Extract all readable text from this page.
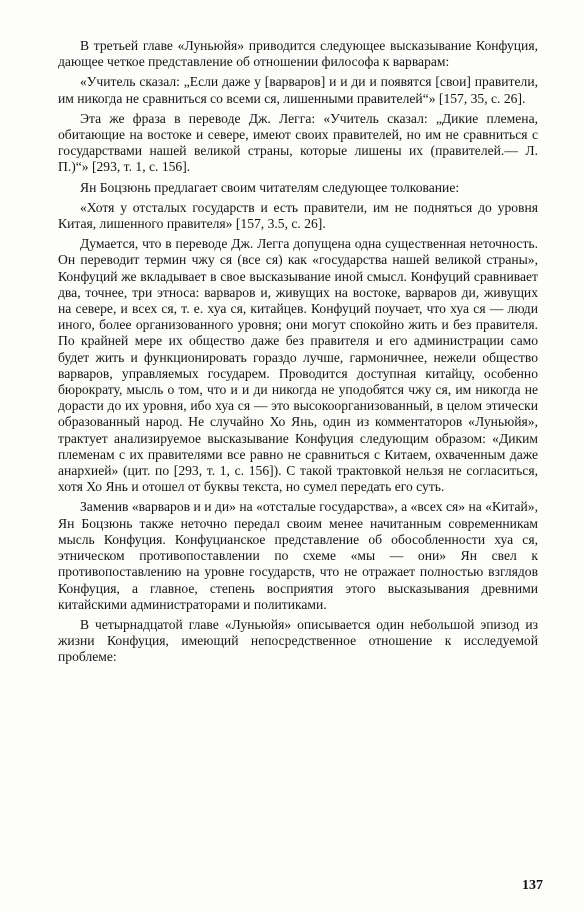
В третьей главе «Луньюйя» приводится следующее высказывание Конфуция, дающее четкое представление об отношении философа к варварам:

«Учитель сказал: „Если даже у [варваров] и и ди и появятся [свои] правители, им никогда не сравниться со всеми ся, лишенными правителей“» [157, 35, с. 26].

Эта же фраза в переводе Дж. Легга: «Учитель сказал: „Дикие племена, обитающие на востоке и севере, имеют своих правителей, но им не сравниться с государствами нашей великой страны, которые лишены их (правителей.— Л. П.)“» [293, т. 1, с. 156].

Ян Боцзюнь предлагает своим читателям следующее толкование:

«Хотя у отсталых государств и есть правители, им не подняться до уровня Китая, лишенного правителя» [157, 3.5, с. 26].

Думается, что в переводе Дж. Легга допущена одна существенная неточность. Он переводит термин чжу ся (все ся) как «государства нашей великой страны», Конфуций же вкладывает в свое высказывание иной смысл. Конфуций сравнивает два, точнее, три этноса: варваров и, живущих на востоке, варваров ди, живущих на севере, и всех ся, т. е. хуа ся, китайцев. Конфуций поучает, что хуа ся — люди иного, более организованного уровня; они могут спокойно жить и без правителя. По крайней мере их общество даже без правителя и его администрации само будет жить и функционировать гораздо лучше, гармоничнее, нежели общество варваров, управляемых государем. Проводится доступная китайцу, особенно бюрократу, мысль о том, что и и ди никогда не уподобятся чжу ся, им никогда не дорасти до их уровня, ибо хуа ся — это высокоорганизованный, в целом этически образованный народ. Не случайно Хо Янь, один из комментаторов «Луньюйя», трактует анализируемое высказывание Конфуция следующим образом: «Диким племенам с их правителями все равно не сравниться с Китаем, охваченным даже анархией» (цит. по [293, т. 1, с. 156]). С такой трактовкой нельзя не согласиться, хотя Хо Янь и отошел от буквы текста, но сумел передать его суть.

Заменив «варваров и и ди» на «отсталые государства», а «всех ся» на «Китай», Ян Боцзюнь также неточно передал своим менее начитанным современникам мысль Конфуция. Конфуцианское представление об обособленности хуа ся, этническом противопоставлении по схеме «мы — они» Ян свел к противопоставлению на уровне государств, что не отражает полностью взглядов Конфуция, а главное, степень восприятия этого высказывания древними китайскими администраторами и политиками.

В четырнадцатой главе «Луньюйя» описывается один небольшой эпизод из жизни Конфуция, имеющий непосредственное отношение к исследуемой проблеме:

137
